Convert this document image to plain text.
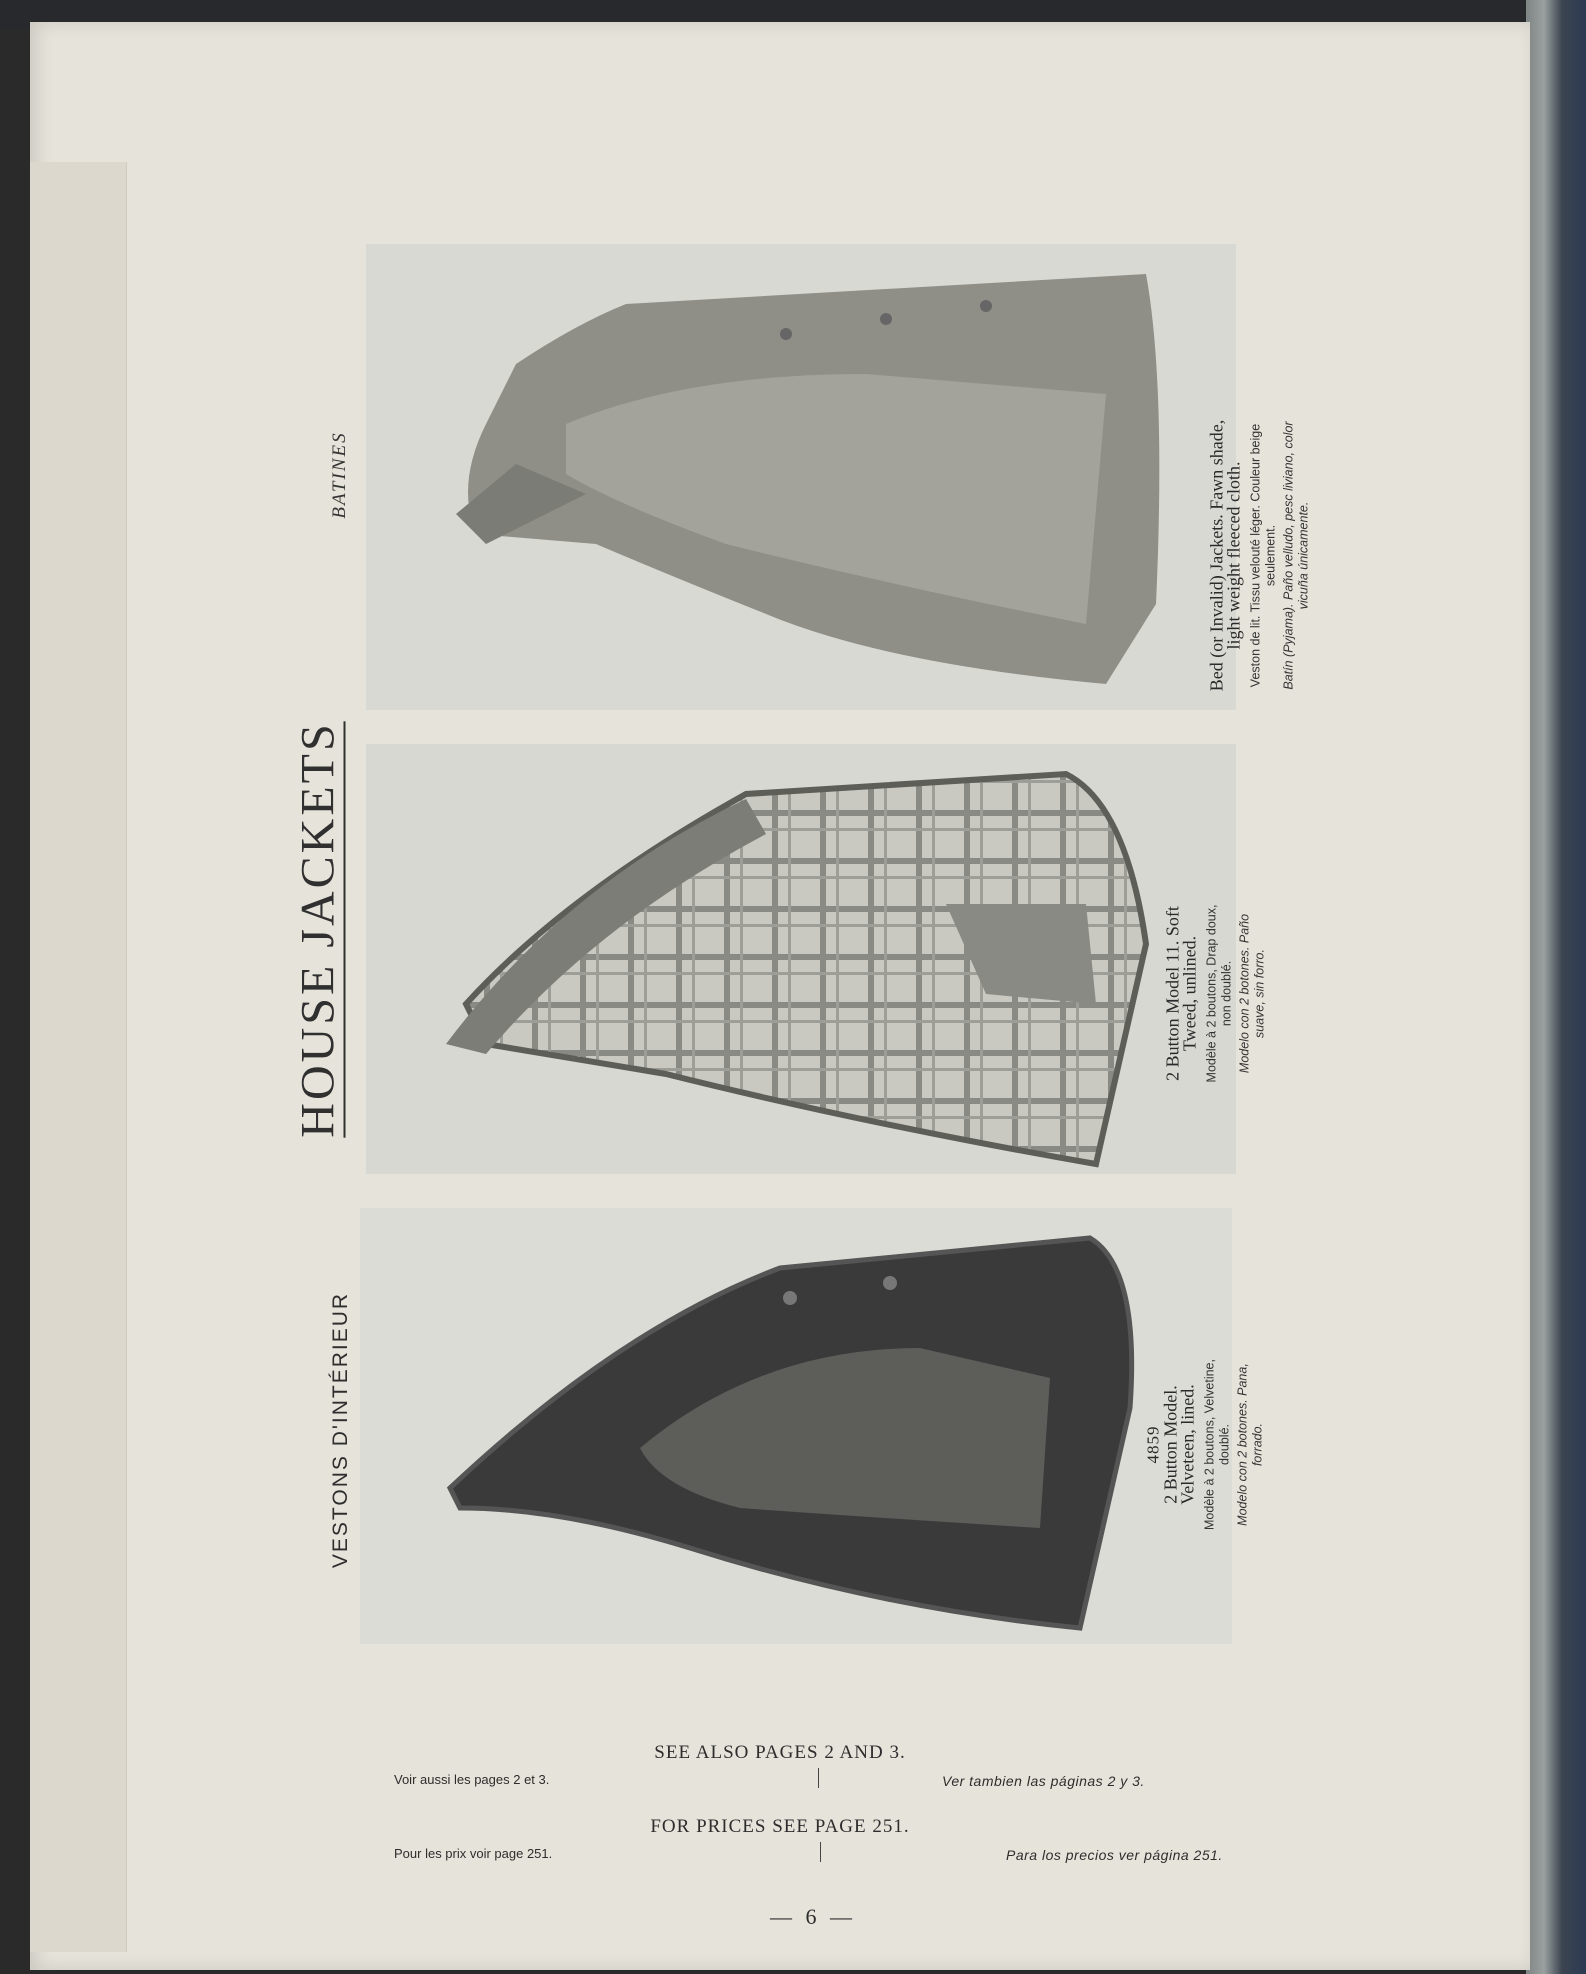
HOUSE JACKETS
VESTONS D'INTÉRIEUR
BATINES	Bed (or Invalid) Jackets. Fawn shade, light weight fleeced cloth. Veston de lit. Tissu velouté léger. Couleur beige seulement. Batín (Pyjama). Paño velludo, pesc liviano, color vicuña únicamente.
2 Button Model 11. Soft Tweed, unlined. Modèle à 2 boutons, Drap doux, non doublé. Modelo con 2 botones. Paño suave, sin forro.
4859
2 Button Model. Velveteen, lined. Modèle à 2 boutons, Velvetine, doublé. Modelo con 2 botones. Pana, forrado.
SEE ALSO PAGES 2 AND 3.
Voir aussi les pages 2 et 3.	Ver tambien las páginas 2 y 3.
FOR PRICES SEE PAGE 251.
Pour les prix voir page 251.	Para los precios ver página 251.
— 6 —
